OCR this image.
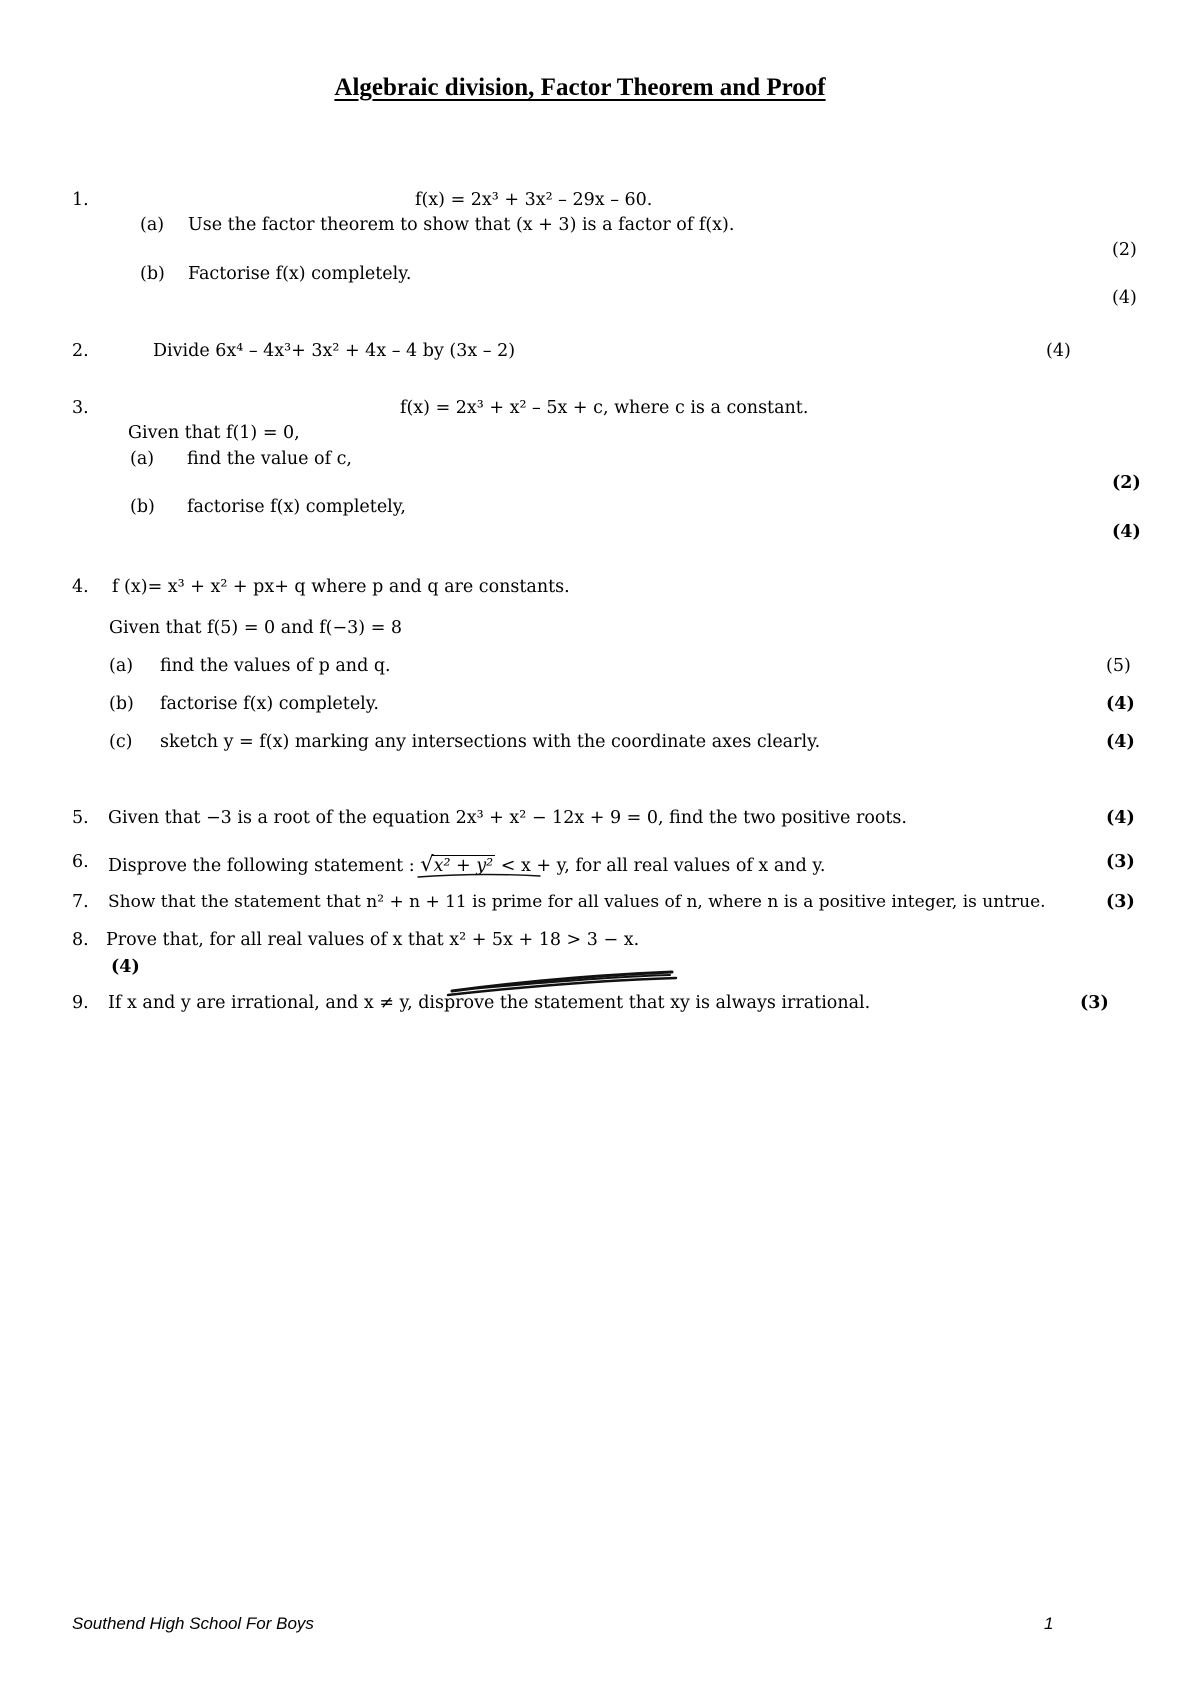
Algebraic division, Factor Theorem and Proof
1.	f(x) = 2x³ + 3x² – 29x – 60.
(a) Use the factor theorem to show that (x + 3) is a factor of f(x).
(2)
(b) Factorise f(x) completely.
(4)
2.	Divide 6x⁴ – 4x³+ 3x² + 4x – 4 by (3x – 2)	(4)
3.	f(x) = 2x³ + x² – 5x + c, where c is a constant.
Given that f(1) = 0,
(a) find the value of c,
(2)
(b) factorise f(x) completely,
(4)
4. f (x)= x³ + x² + px+ q where p and q are constants.
Given that f(5) = 0 and f(−3) = 8
(a) find the values of p and q.	(5)
(b) factorise f(x) completely.	(4)
(c) sketch y = f(x) marking any intersections with the coordinate axes clearly.	(4)
5. Given that −3 is a root of the equation 2x³ + x² − 12x + 9 = 0, find the two positive roots.	(4)
6. Disprove the following statement : √x² + y² < x + y, for all real values of x and y.	(3)
7. Show that the statement that n² + n + 11 is prime for all values of n, where n is a positive integer, is untrue.	(3)
8. Prove that, for all real values of x that x² + 5x + 18 > 3 − x.
(4)
9. If x and y are irrational, and x ≠ y, disprove the statement that xy is always irrational.	(3)
Southend High School For Boys	1
